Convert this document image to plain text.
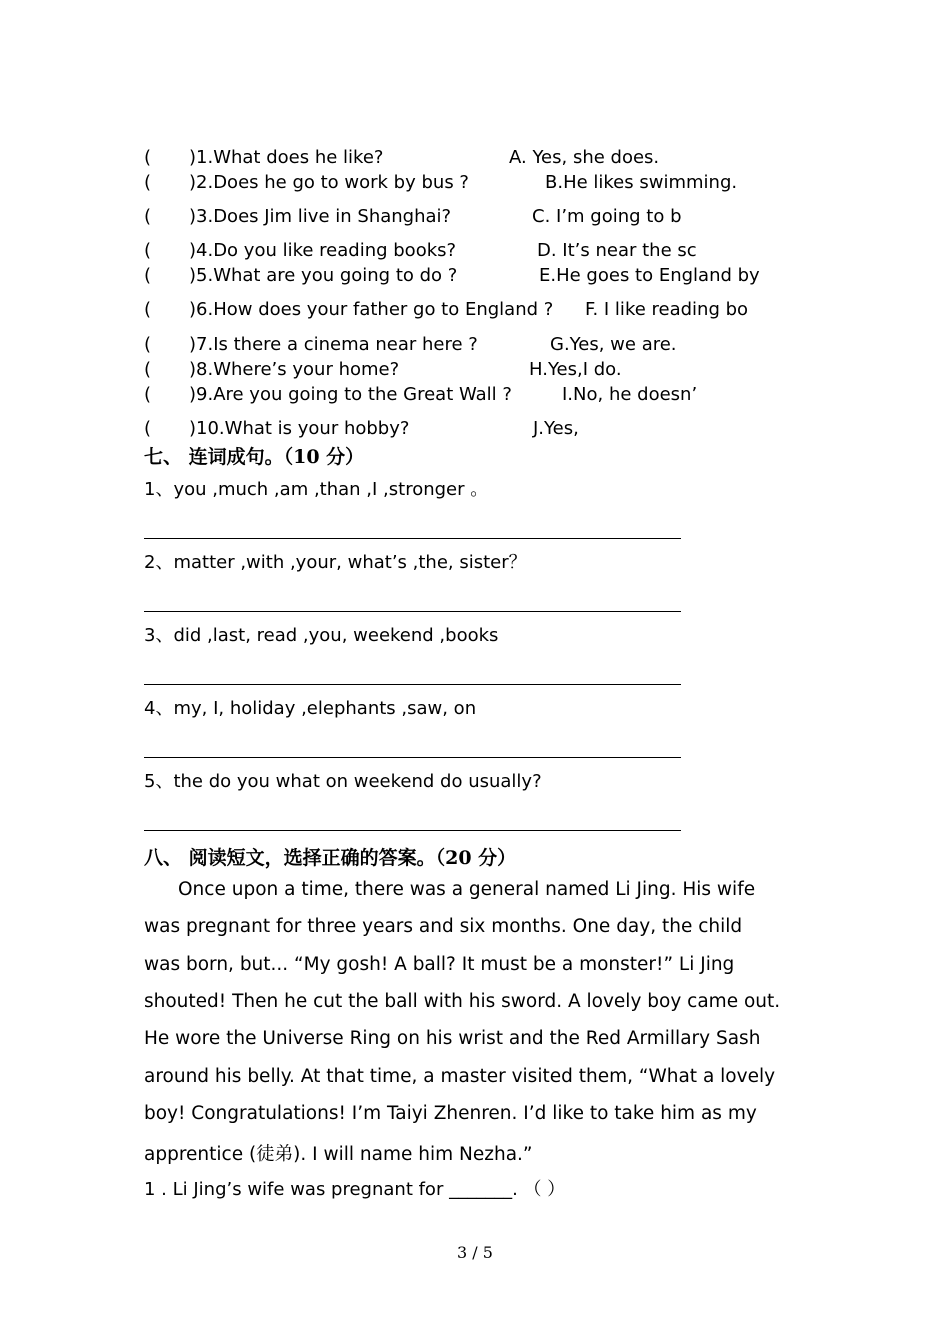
( )1.What does he like?	A. Yes, she does.
( )2.Does he go to work by bus ?	B.He likes swimming.
( )3.Does Jim live in Shanghai?	C. I’m going to b
( )4.Do you like reading books?	D. It’s near the sc
( )5.What are you going to do ?	E.He goes to England by
( )6.How does your father go to England ? F. I like reading bo
( )7.Is there a cinema near here ?	G.Yes, we are.
( )8.Where’s your home?	H.Yes,I do.
( )9.Are you going to the Great Wall ?	I.No, he doesn’
( )10.What is your hobby?	J.Yes,
七、 连词成句。（10 分）
1、you ,much ,am ,than ,I ,stronger 。
2、matter ,with ,your, what’s ,the, sister？
3、did ,last, read ,you, weekend ,books
4、my, I, holiday ,elephants ,saw, on
5、the do you what on weekend do usually?
八、 阅读短文，选择正确的答案。（20 分）
Once upon a time, there was a general named Li Jing. His wife
was pregnant for three years and six months. One day, the child
was born, but... “My gosh! A ball? It must be a monster!” Li Jing
shouted! Then he cut the ball with his sword. A lovely boy came out.
He wore the Universe Ring on his wrist and the Red Armillary Sash
around his belly. At that time, a master visited them, “What a lovely
boy! Congratulations! I’m Taiyi Zhenren. I’d like to take him as my
apprentice (徒弟). I will name him Nezha.”
1 . Li Jing’s wife was pregnant for _______. （ ）
3 / 5
